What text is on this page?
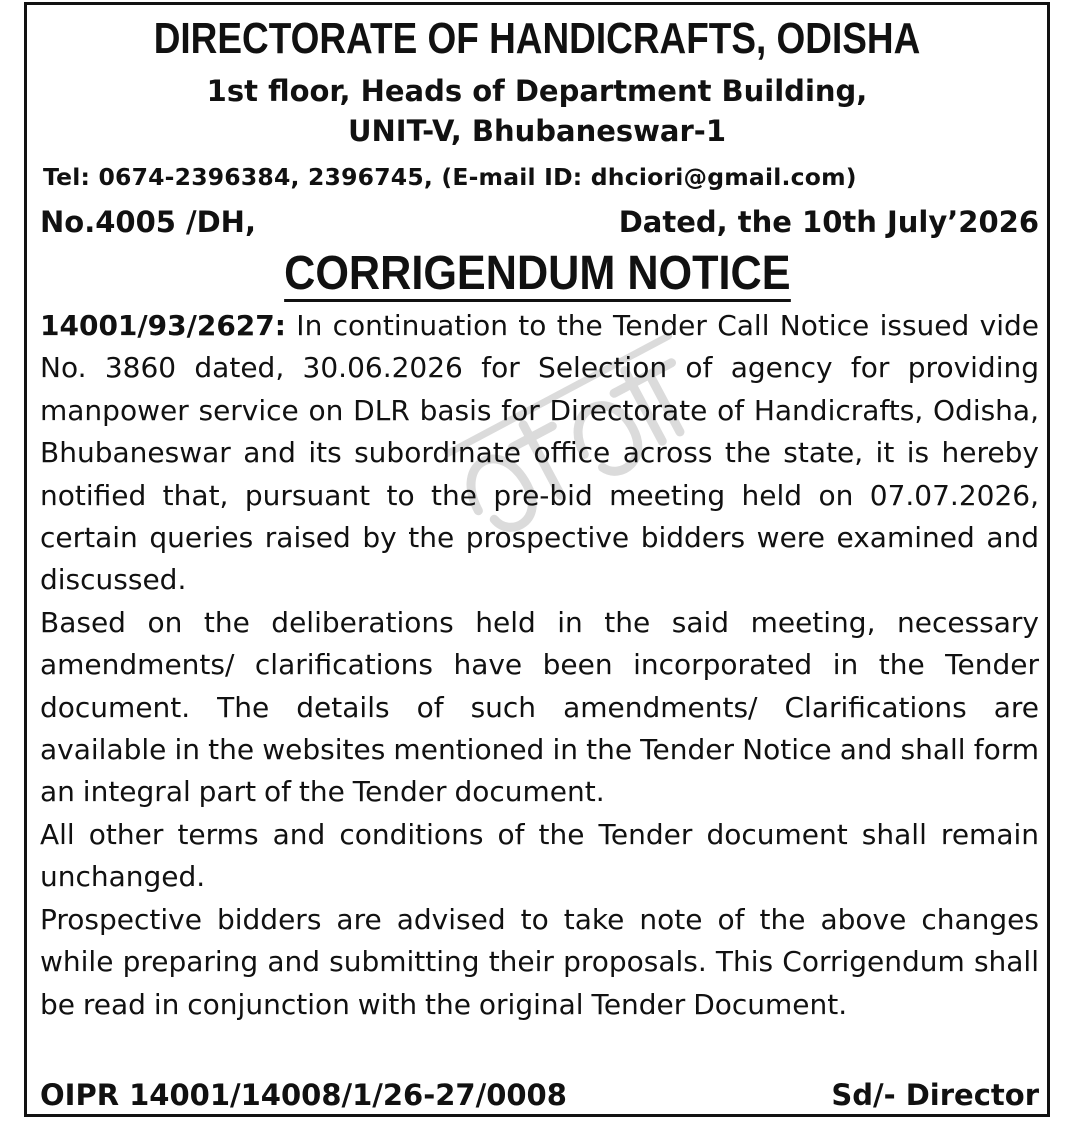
DIRECTORATE OF HANDICRAFTS, ODISHA
1st floor, Heads of Department Building,
UNIT-V, Bhubaneswar-1
Tel: 0674-2396384, 2396745, (E-mail ID: dhciori@gmail.com)
No.4005 /DH,	Dated, the 10th July’2026
CORRIGENDUM NOTICE

14001/93/2627: In continuation to the Tender Call Notice issued vide No. 3860 dated, 30.06.2026 for Selection of agency for providing manpower service on DLR basis for Directorate of Handicrafts, Odisha, Bhubaneswar and its subordinate office across the state, it is hereby notified that, pursuant to the pre-bid meeting held on 07.07.2026, certain queries raised by the prospective bidders were examined and discussed.

Based on the deliberations held in the said meeting, necessary amendments/ clarifications have been incorporated in the Tender document. The details of such amendments/ Clarifications are available in the websites mentioned in the Tender Notice and shall form an integral part of the Tender document.

All other terms and conditions of the Tender document shall remain unchanged.

Prospective bidders are advised to take note of the above changes while preparing and submitting their proposals. This Corrigendum shall be read in conjunction with the original Tender Document.

OIPR 14001/14008/1/26-27/0008	Sd/- Director
